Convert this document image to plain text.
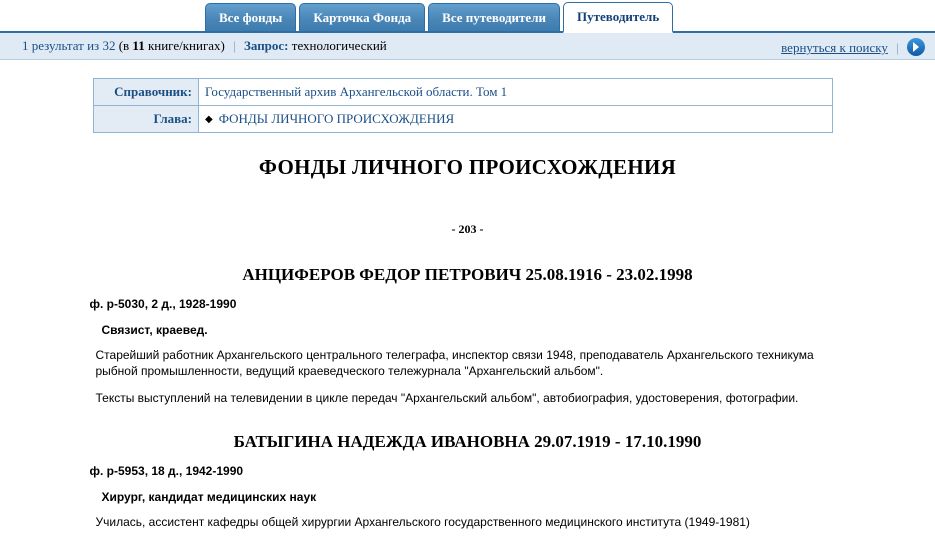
Все фонды	Карточка Фонда	Все путеводители	Путеводитель
1 результат из 32 (в 11 книге/книгах) | Запрос: технологический	вернуться к поиску |
Справочник:	Государственный архив Архангельской области. Том 1
Глава:	◆ ФОНДЫ ЛИЧНОГО ПРОИСХОЖДЕНИЯ
ФОНДЫ ЛИЧНОГО ПРОИСХОЖДЕНИЯ
- 203 -
АНЦИФЕРОВ ФЕДОР ПЕТРОВИЧ 25.08.1916 - 23.02.1998
ф. р-5030, 2 д., 1928-1990
Связист, краевед.
Старейший работник Архангельского центрального телеграфа, инспектор связи 1948, преподаватель Архангельского техникума рыбной промышленности, ведущий краеведческого тележурнала "Архангельский альбом".
Тексты выступлений на телевидении в цикле передач "Архангельский альбом", автобиография, удостоверения, фотографии.
БАТЫГИНА НАДЕЖДА ИВАНОВНА 29.07.1919 - 17.10.1990
ф. р-5953, 18 д., 1942-1990
Хирург, кандидат медицинских наук
Училась, ассистент кафедры общей хирургии Архангельского государственного медицинского института (1949-1981)
